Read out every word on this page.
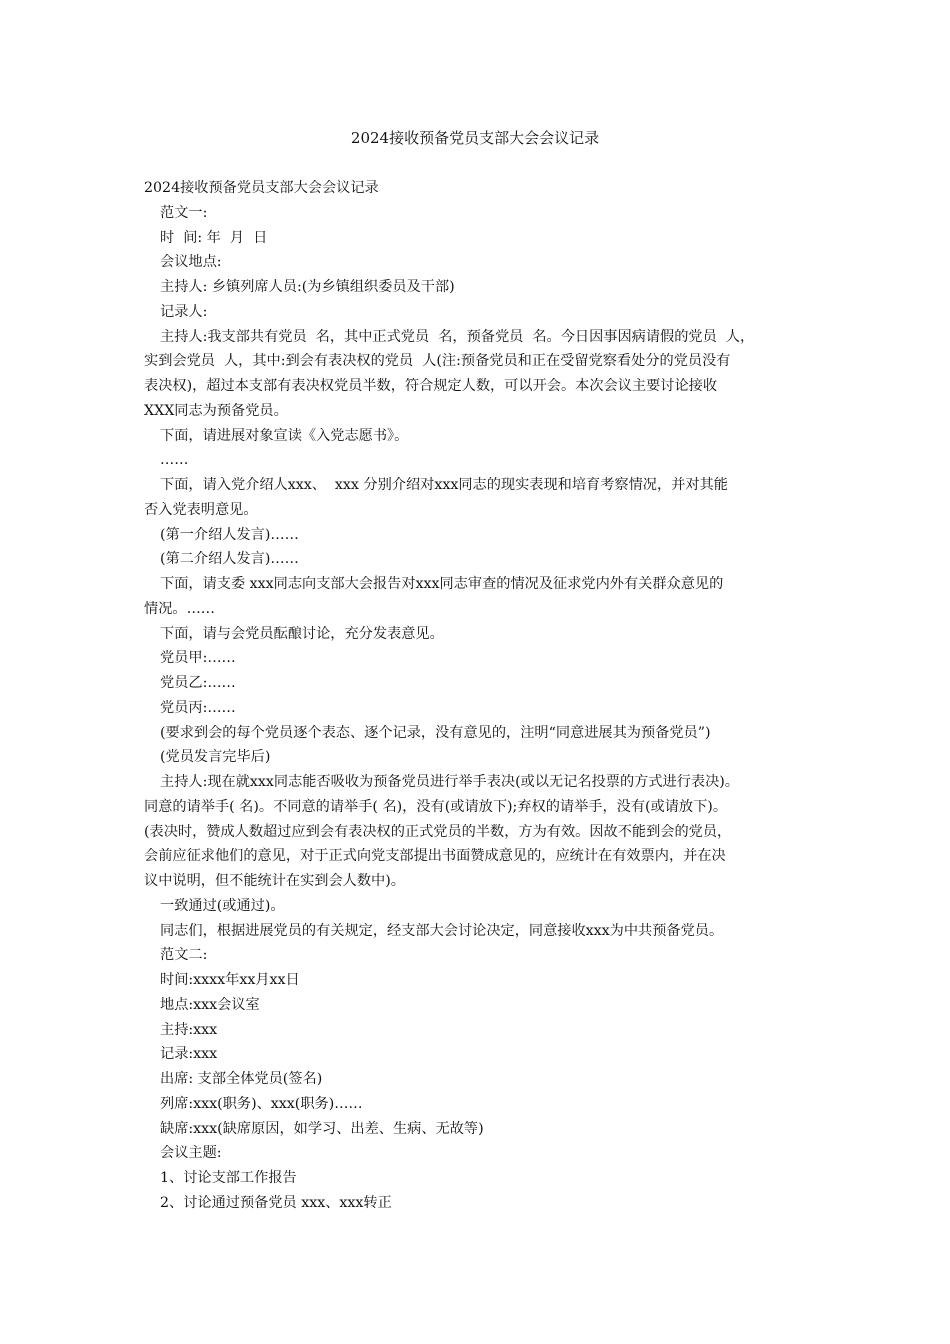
2024接收预备党员支部大会会议记录
2024接收预备党员支部大会会议记录
范文一:
时  间: 年  月  日
会议地点:
主持人: 乡镇列席人员:(为乡镇组织委员及干部)
记录人:
主持人:我支部共有党员  名，其中正式党员  名，预备党员  名。今日因事因病请假的党员  人，
实到会党员  人，其中:到会有表决权的党员  人(注:预备党员和正在受留党察看处分的党员没有
表决权)，超过本支部有表决权党员半数，符合规定人数，可以开会。本次会议主要讨论接收
XXX同志为预备党员。
下面，请进展对象宣读《入党志愿书》。
……
下面，请入党介绍人xxx、  xxx 分别介绍对xxx同志的现实表现和培育考察情况，并对其能
否入党表明意见。
(第一介绍人发言)……
(第二介绍人发言)……
下面，请支委 xxx同志向支部大会报告对xxx同志审查的情况及征求党内外有关群众意见的
情况。……
下面，请与会党员酝酿讨论，充分发表意见。
党员甲:……
党员乙:……
党员丙:……
(要求到会的每个党员逐个表态、逐个记录，没有意见的，注明“同意进展其为预备党员”)
(党员发言完毕后)
主持人:现在就xxx同志能否吸收为预备党员进行举手表决(或以无记名投票的方式进行表决)。
同意的请举手( 名)。不同意的请举手( 名)，没有(或请放下);弃权的请举手，没有(或请放下)。
(表决时，赞成人数超过应到会有表决权的正式党员的半数，方为有效。因故不能到会的党员，
会前应征求他们的意见，对于正式向党支部提出书面赞成意见的，应统计在有效票内，并在决
议中说明，但不能统计在实到会人数中)。
一致通过(或通过)。
同志们，根据进展党员的有关规定，经支部大会讨论决定，同意接收xxx为中共预备党员。
范文二:
时间:xxxx年xx月xx日
地点:xxx会议室
主持:xxx
记录:xxx
出席: 支部全体党员(签名)
列席:xxx(职务)、xxx(职务)……
缺席:xxx(缺席原因，如学习、出差、生病、无故等)
会议主题:
1、讨论支部工作报告
2、讨论通过预备党员 xxx、xxx转正
